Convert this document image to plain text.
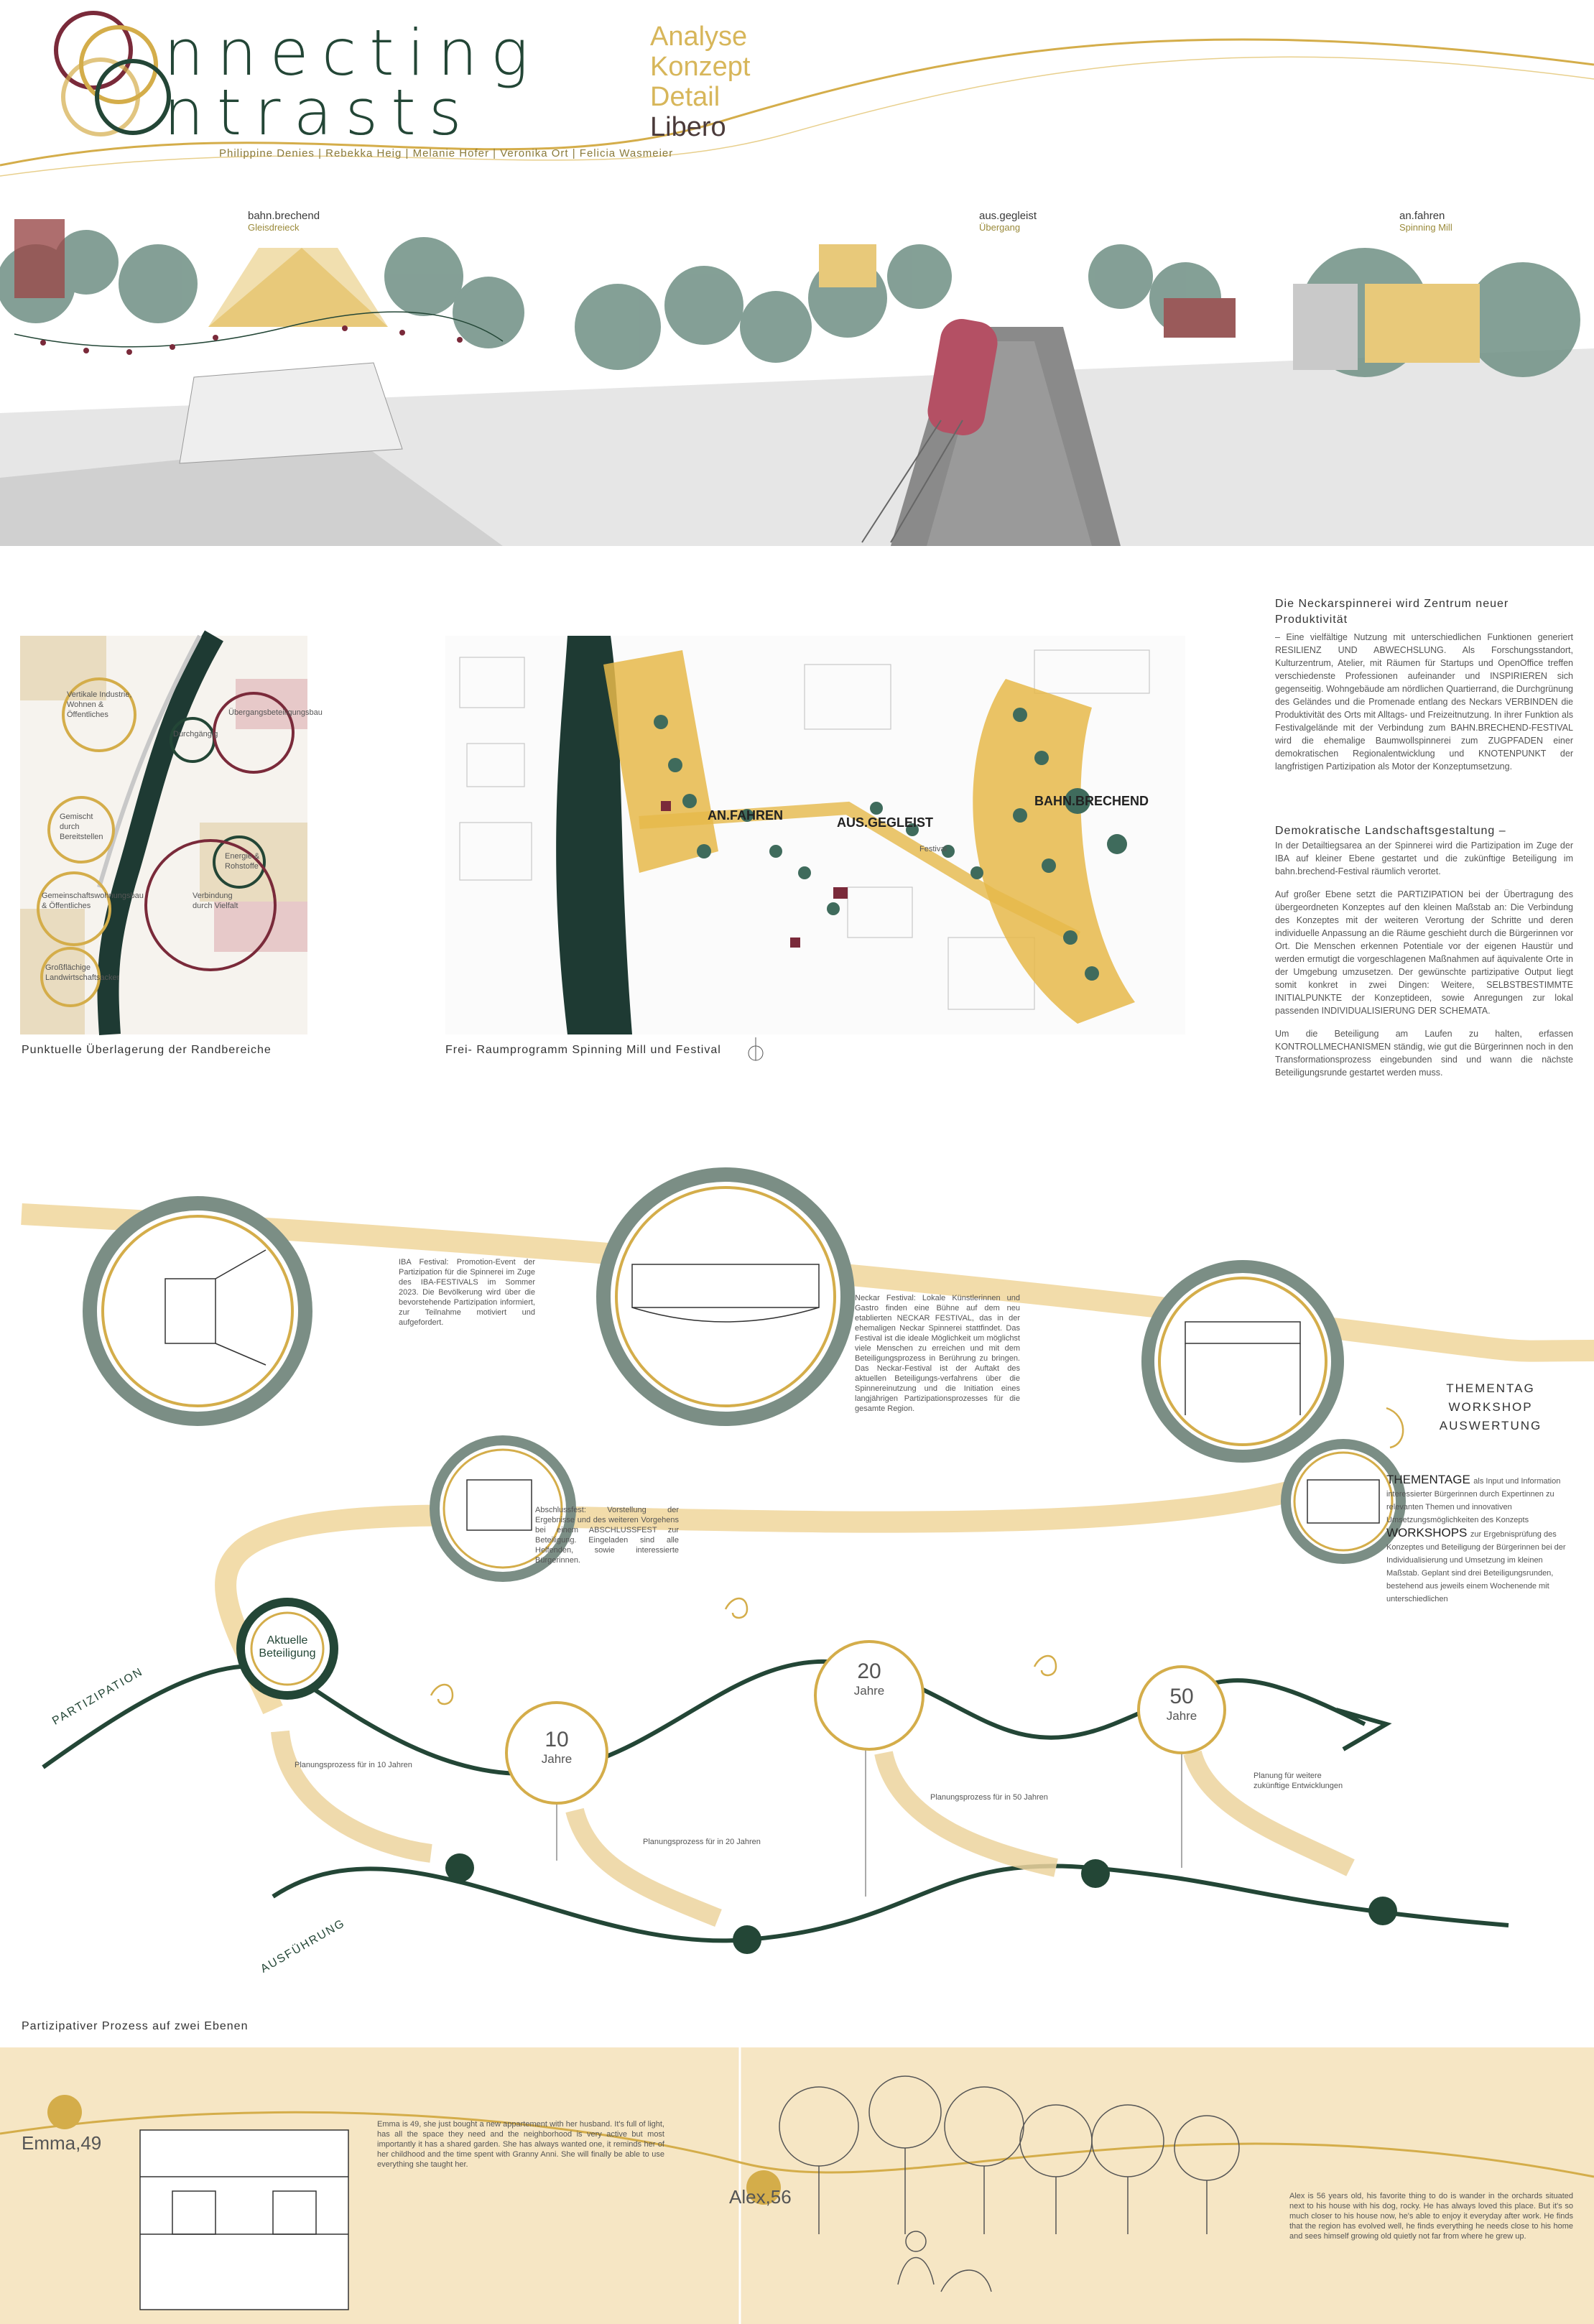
nnecting
ntrasts
Analyse
Konzept
Detail
Libero
Philippine Denies | Rebekka Heig | Melanie Hofer | Veronika Ort | Felicia Wasmeier
bahn.brechend
Gleisdreieck
aus.gegleist
Übergang
an.fahren
Spinning Mill
Vertikale Industrie, Wohnen & Öffentliches
Durchgängig
Übergangsbeteiligungsbau
Gemischt durch Bereitstellen
Energie & Rohstoffe
Gemeinschaftswohnungsbau & Öffentliches
Verbindung durch Vielfalt
Großflächige Landwirtschaftsacker
Punktuelle Überlagerung der Randbereiche
AN.FAHREN	AUS.GEGLEIST
BAHN.BRECHEND
Festival
Frei- Raumprogramm Spinning Mill und Festival
Die Neckarspinnerei wird Zentrum neuer Produktivität
– Eine vielfältige Nutzung mit unterschiedlichen Funktionen generiert RESILIENZ UND ABWECHSLUNG. Als Forschungsstandort, Kulturzentrum, Atelier, mit Räumen für Startups und OpenOffice treffen verschiedenste Professionen aufeinander und INSPIRIEREN sich gegenseitig. Wohngebäude am nördlichen Quartierrand, die Durchgrünung des Geländes und die Promenade entlang des Neckars VERBINDEN die Produktivität des Orts mit Alltags- und Freizeitnutzung. In ihrer Funktion als Festivalgelände mit der Verbindung zum BAHN.BRECHEND-FESTIVAL wird die ehemalige Baumwollspinnerei zum ZUGPFADEN einer demokratischen Regionalentwicklung und KNOTENPUNKT der langfristigen Partizipation als Motor der Konzeptumsetzung.
Demokratische Landschaftsgestaltung –
In der Detailtiegsarea an der Spinnerei wird die Partizipation im Zuge der IBA auf kleiner Ebene gestartet und die zukünftige Beteiligung im bahn.brechend-Festival räumlich verortet.
Auf großer Ebene setzt die PARTIZIPATION bei der Übertragung des übergeordneten Konzeptes auf den kleinen Maßstab an: Die Verbindung des Konzeptes mit der weiteren Verortung der Schritte und deren individuelle Anpassung an die Räume geschieht durch die Bürgerinnen vor Ort. Die Menschen erkennen Potentiale vor der eigenen Haustür und werden ermutigt die vorgeschlagenen Maßnahmen auf äquivalente Orte in der Umgebung umzusetzen. Der gewünschte partizipative Output liegt somit konkret in zwei Dingen: Weitere, SELBSTBESTIMMTE INITIALPUNKTE der Konzeptideen, sowie Anregungen zur lokal passenden INDIVIDUALISIERUNG DER SCHEMATA.
Um die Beteiligung am Laufen zu halten, erfassen KONTROLLMECHANISMEN ständig, wie gut die Bürgerinnen noch in den Transformationsprozess eingebunden sind und wann die nächste Beteiligungsrunde gestartet werden muss.
IBA Festival: Promotion-Event der Partizipation für die Spinnerei im Zuge des IBA-FESTIVALS im Sommer 2023. Die Bevölkerung wird über die bevorstehende Partizipation informiert, zur Teilnahme motiviert und aufgefordert.
Neckar Festival: Lokale Künstlerinnen und Gastro finden eine Bühne auf dem neu etablierten NECKAR FESTIVAL, das in der ehemaligen Neckar Spinnerei stattfindet. Das Festival ist die ideale Möglichkeit um möglichst viele Menschen zu erreichen und mit dem Beteiligungsprozess in Berührung zu bringen. Das Neckar-Festival ist der Auftakt des aktuellen Beteiligungs-verfahrens über die Spinnereinutzung und die Initiation eines langjährigen Partizipationsprozesses für die gesamte Region.
THEMENTAG WORKSHOP AUSWERTUNG
THEMENTAGE als Input und Information interessierter Bürgerinnen durch Expertinnen zu relevanten Themen und innovativen Umsetzungsmöglichkeiten des Konzepts
WORKSHOPS zur Ergebnisprüfung des Konzeptes und Beteiligung der Bürgerinnen bei der Individualisierung und Umsetzung im kleinen Maßstab. Geplant sind drei Beteiligungsrunden, bestehend aus jeweils einem Wochenende mit unterschiedlichen
Abschlussfest: Vorstellung der Ergebnisse und des weiteren Vorgehens bei einem ABSCHLUSSFEST zur Beteiligung. Eingeladen sind alle Helfenden, sowie interessierte Bürgerinnen.
Aktuelle Beteiligung
10
Jahre
20
Jahre	50
Jahre
PARTIZIPATION
AUSFÜHRUNG
Planungsprozess für in 10 Jahren
Planungsprozess für in 20 Jahren
Planungsprozess für in 50 Jahren
Planung für weitere zukünftige Entwicklungen
Partizipativer Prozess auf zwei Ebenen
Emma,49
Emma is 49, she just bought a new appartement with her husband. It's full of light, has all the space they need and the neighborhood is very active but most importantly it has a shared garden. She has always wanted one, it reminds her of her childhood and the time spent with Granny Anni. She will finally be able to use everything she taught her.
Alex,56	Alex is 56 years old, his favorite thing to do is wander in the orchards situated next to his house with his dog, rocky. He has always loved this place. But it's so much closer to his house now, he's able to enjoy it everyday after work. He finds that the region has evolved well, he finds everything he needs close to his home and sees himself growing old quietly not far from where he grew up.
